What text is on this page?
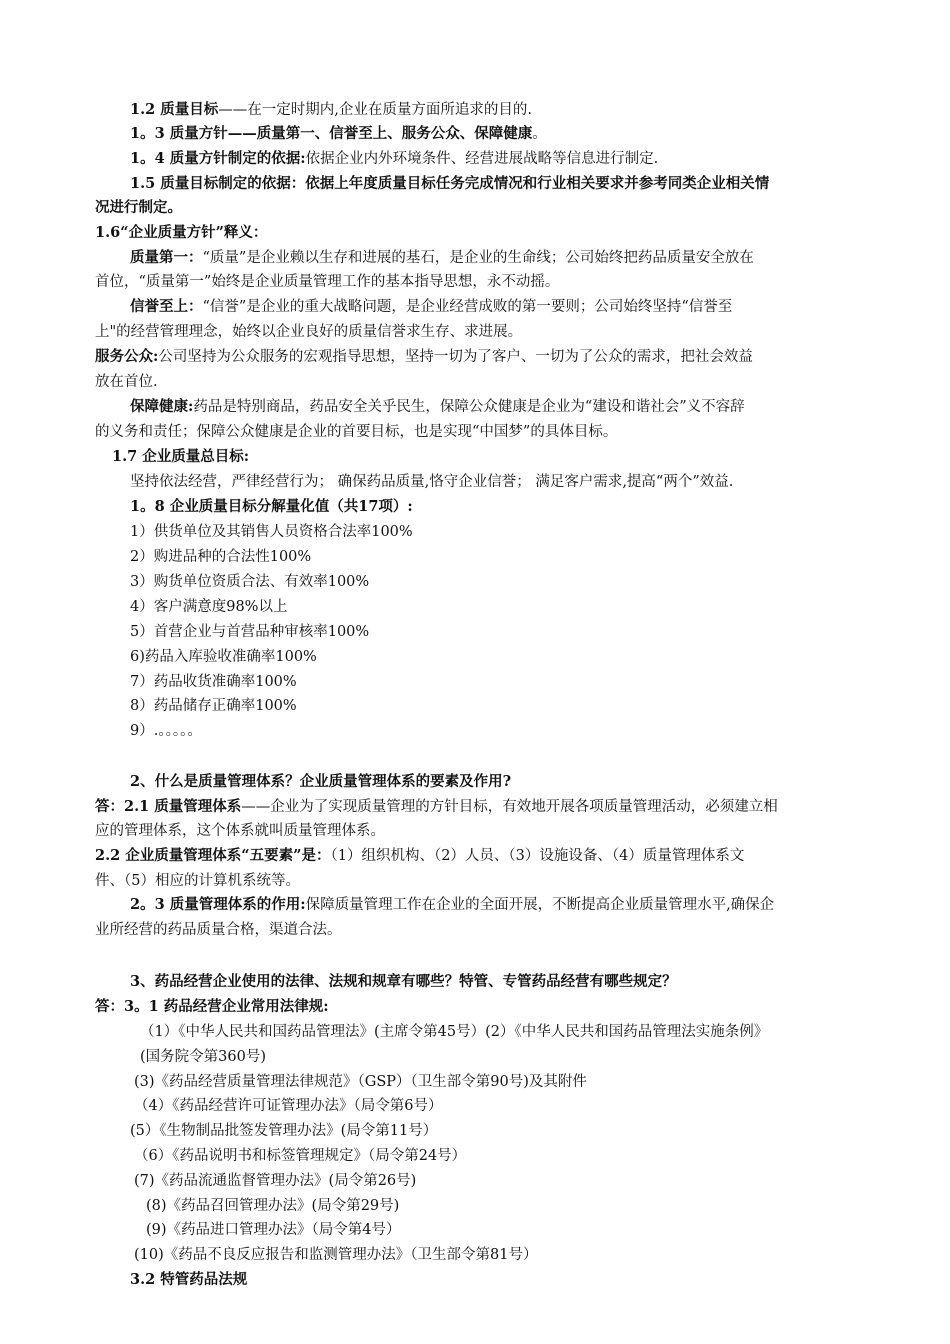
1.2 质量目标——在一定时期内,企业在质量方面所追求的目的.
1。3 质量方针——质量第一、信誉至上、服务公众、保障健康。
1。4 质量方针制定的依据:依据企业内外环境条件、经营进展战略等信息进行制定.
1.5 质量目标制定的依据：依据上年度质量目标任务完成情况和行业相关要求并参考同类企业相关情
况进行制定。
1.6“企业质量方针”释义：
质量第一：“质量”是企业赖以生存和进展的基石，是企业的生命线；公司始终把药品质量安全放在
首位，“质量第一”始终是企业质量管理工作的基本指导思想，永不动摇。
信誉至上：“信誉”是企业的重大战略问题，是企业经营成败的第一要则；公司始终坚持“信誉至
上"的经营管理理念，始终以企业良好的质量信誉求生存、求进展。
服务公众:公司坚持为公众服务的宏观指导思想，坚持一切为了客户、一切为了公众的需求，把社会效益
放在首位.
保障健康:药品是特别商品，药品安全关乎民生，保障公众健康是企业为“建设和谐社会”义不容辞
的义务和责任；保障公众健康是企业的首要目标，也是实现“中国梦”的具体目标。
1.7 企业质量总目标:
坚持依法经营，严律经营行为； 确保药品质量,恪守企业信誉； 满足客户需求,提高“两个”效益.
1。8 企业质量目标分解量化值（共17项）:
1）供货单位及其销售人员资格合法率100%
2）购进品种的合法性100%
3）购货单位资质合法、有效率100%
4）客户满意度98%以上
5）首营企业与首营品种审核率100%
6)药品入库验收准确率100%
7）药品收货准确率100%
8）药品储存正确率100%
9）.。。。。。
2、什么是质量管理体系？企业质量管理体系的要素及作用?
答：2.1 质量管理体系——企业为了实现质量管理的方针目标，有效地开展各项质量管理活动，必须建立相
应的管理体系，这个体系就叫质量管理体系。
2.2 企业质量管理体系“五要素”是：（1）组织机构、（2）人员、（3）设施设备、（4）质量管理体系文
件、（5）相应的计算机系统等。
2。3 质量管理体系的作用:保障质量管理工作在企业的全面开展，不断提高企业质量管理水平,确保企
业所经营的药品质量合格，渠道合法。
3、药品经营企业使用的法律、法规和规章有哪些？特管、专管药品经营有哪些规定？
答：3。1 药品经营企业常用法律规:
（1）《中华人民共和国药品管理法》(主席令第45号）(2）《中华人民共和国药品管理法实施条例》
(国务院令第360号)
(3)《药品经营质量管理法律规范》（GSP）（卫生部令第90号)及其附件
（4）《药品经营许可证管理办法》（局令第6号）
(5）《生物制品批签发管理办法》(局令第11号）
（6）《药品说明书和标签管理规定》（局令第24号）
(7)《药品流通监督管理办法》(局令第26号)
(8)《药品召回管理办法》(局令第29号)
(9)《药品进口管理办法》（局令第4号）
(10)《药品不良反应报告和监测管理办法》（卫生部令第81号）
3.2 特管药品法规
